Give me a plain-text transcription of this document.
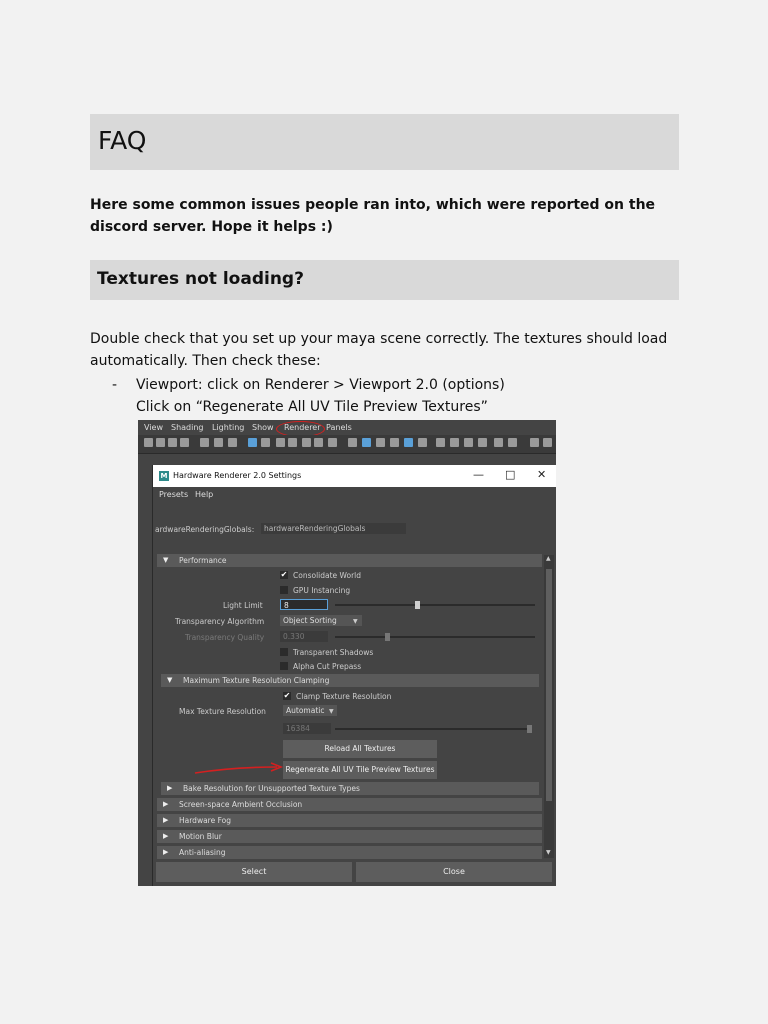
FAQ

Here some common issues people ran into, which were reported on the discord server. Hope it helps :)

Textures not loading?

Double check that you set up your maya scene correctly. The textures should load automatically. Then check these:

- Viewport: click on Renderer > Viewport 2.0 (options)
Click on “Regenerate All UV Tile Preview Textures”
View Shading Lighting Show Renderer Panels
M Hardware Renderer 2.0 Settings	— □ ✕
Presets Help
ardwareRenderingGlobals:	hardwareRenderingGlobals
▲
▼
▼ Performance
✔ Consolidate World
GPU Instancing
Light Limit	8
Transparency Algorithm	Object Sorting	▼
Transparency Quality	0.330
Transparent Shadows
Alpha Cut Prepass
▼ Maximum Texture Resolution Clamping
✔ Clamp Texture Resolution
Max Texture Resolution	Automatic ▼
16384
Reload All Textures
Regenerate All UV Tile Preview Textures
▶ Bake Resolution for Unsupported Texture Types
▶ Screen-space Ambient Occlusion
▶ Hardware Fog
▶ Motion Blur
▶ Anti-aliasing
Select	Close
